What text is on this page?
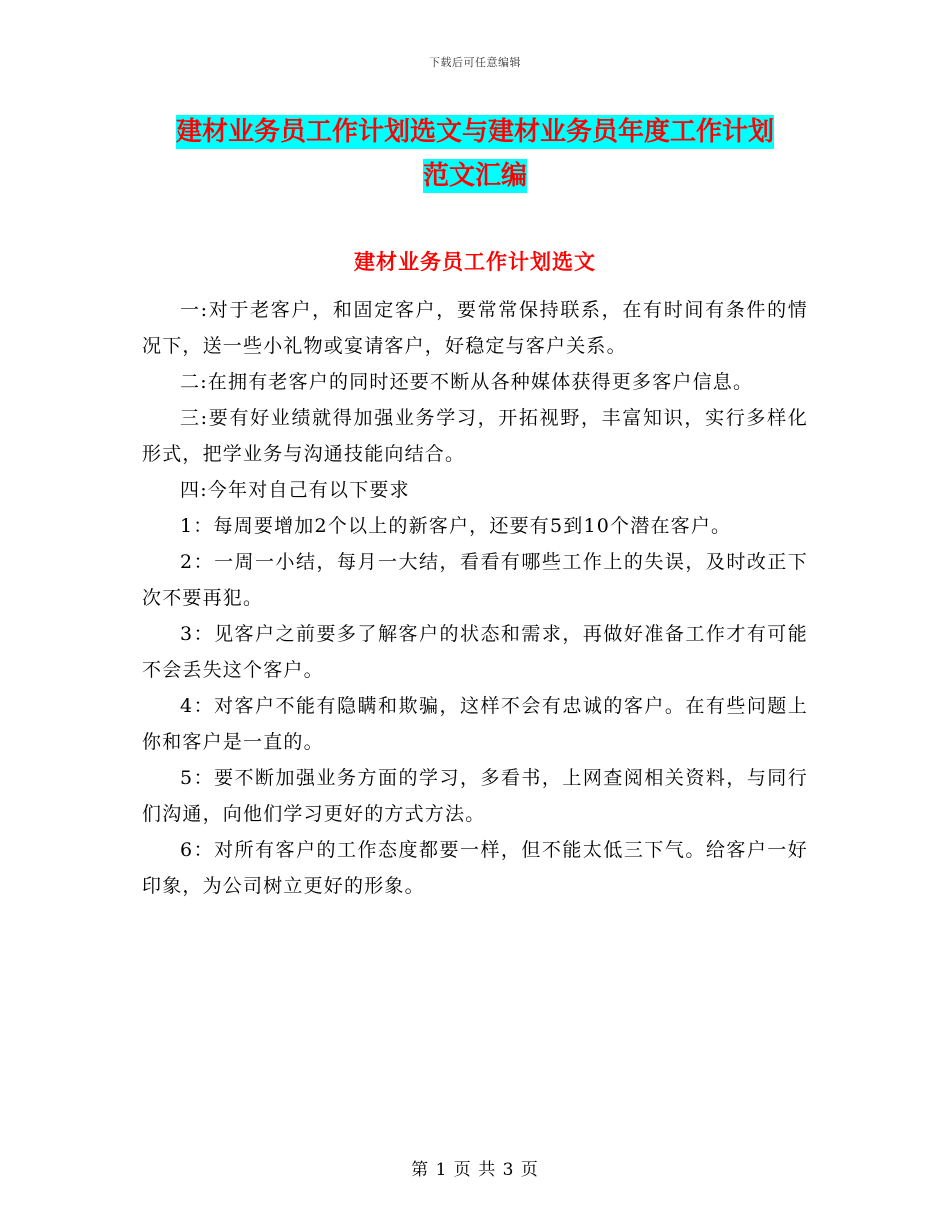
下载后可任意编辑
建材业务员工作计划选文与建材业务员年度工作计划
范文汇编
建材业务员工作计划选文

一:对于老客户，和固定客户，要常常保持联系，在有时间有条件的情况下，送一些小礼物或宴请客户，好稳定与客户关系。

二:在拥有老客户的同时还要不断从各种媒体获得更多客户信息。

三:要有好业绩就得加强业务学习，开拓视野，丰富知识，实行多样化形式，把学业务与沟通技能向结合。

四:今年对自己有以下要求

1：每周要增加2个以上的新客户，还要有5到10个潜在客户。

2：一周一小结，每月一大结，看看有哪些工作上的失误，及时改正下次不要再犯。

3：见客户之前要多了解客户的状态和需求，再做好准备工作才有可能不会丢失这个客户。

4：对客户不能有隐瞒和欺骗，这样不会有忠诚的客户。在有些问题上你和客户是一直的。

5：要不断加强业务方面的学习，多看书，上网查阅相关资料，与同行们沟通，向他们学习更好的方式方法。

6：对所有客户的工作态度都要一样，但不能太低三下气。给客户一好印象，为公司树立更好的形象。

第 1 页 共 3 页
